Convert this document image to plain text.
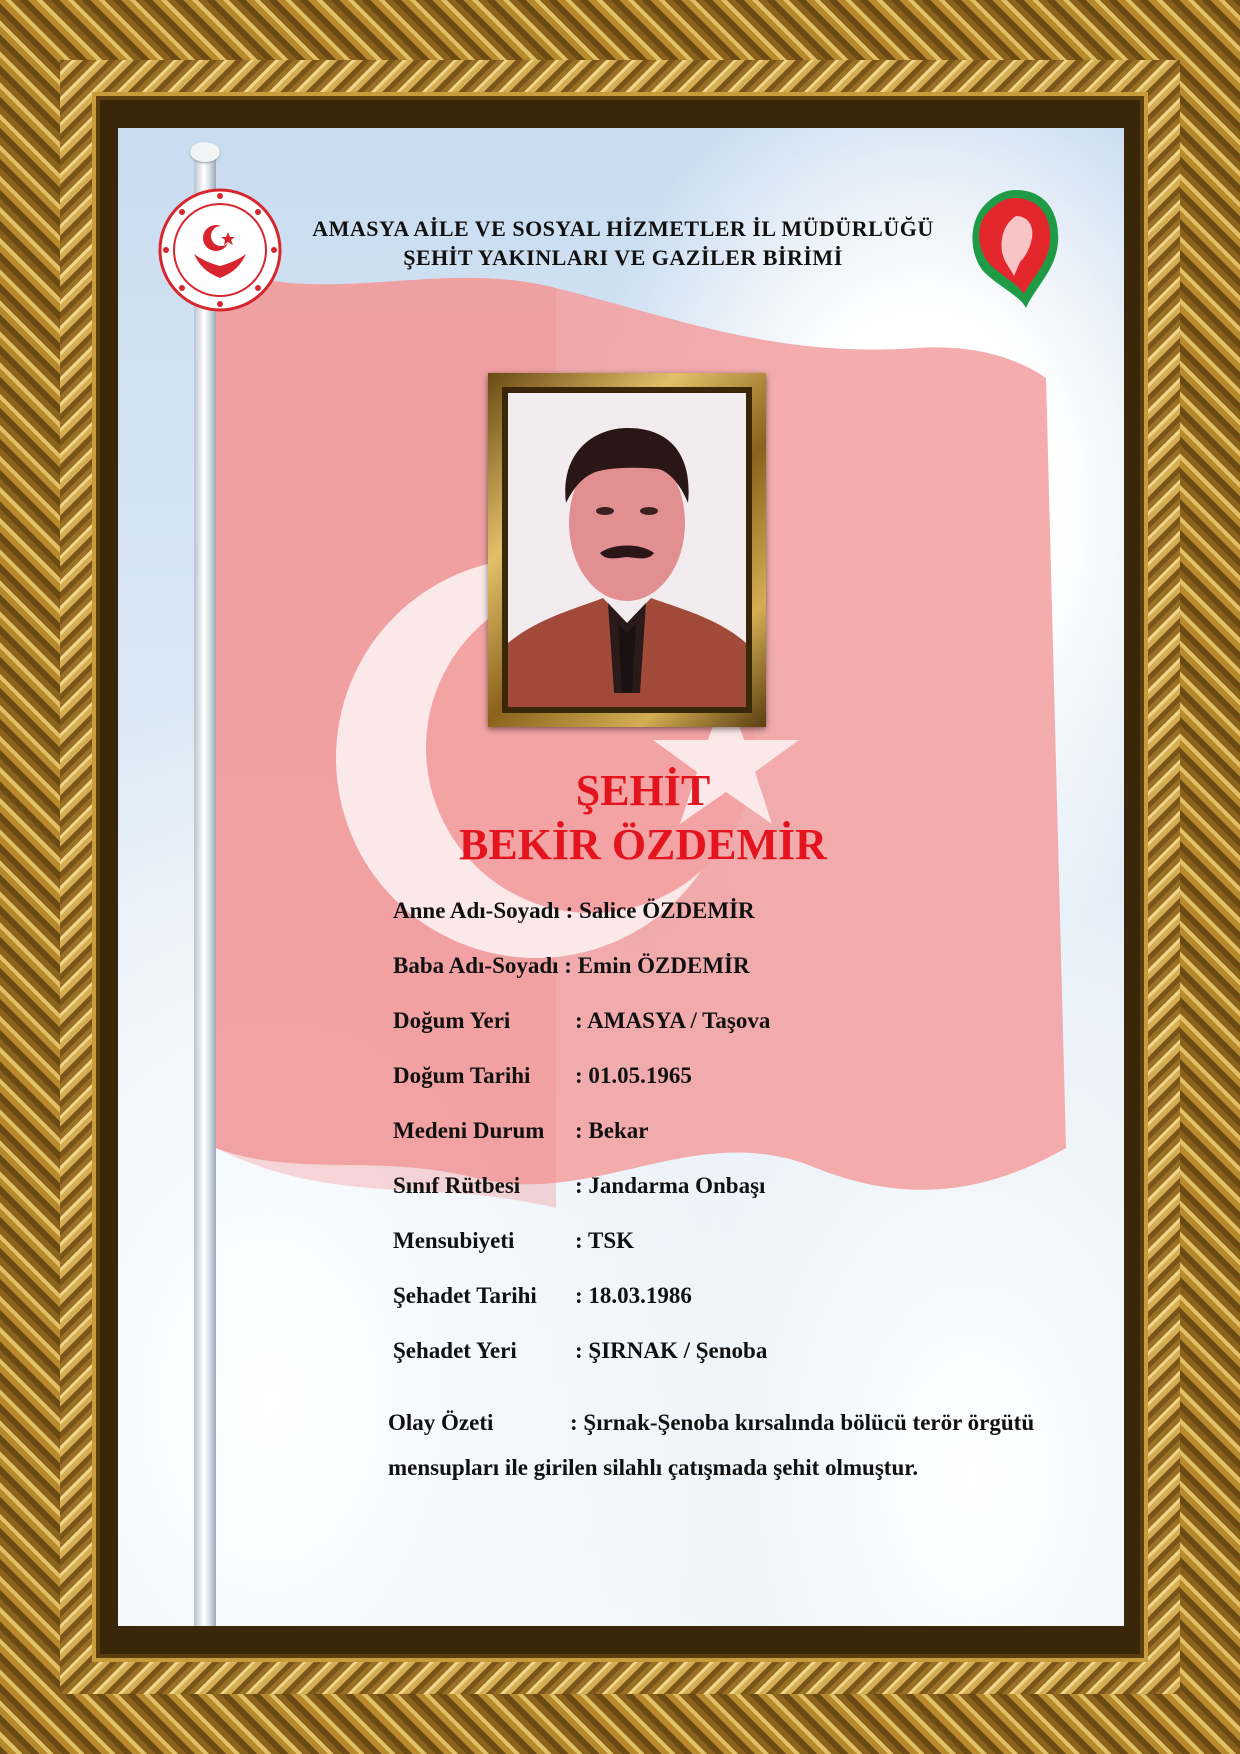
AMASYA AİLE VE SOSYAL HİZMETLER İL MÜDÜRLÜĞÜ
ŞEHİT YAKINLARI VE GAZİLER BİRİMİ
ŞEHİT
BEKİR ÖZDEMİR
Anne Adı-Soyadı : Salice ÖZDEMİR
Baba Adı-Soyadı : Emin ÖZDEMİR
Doğum Yeri	: AMASYA / Taşova
Doğum Tarihi : 01.05.1965
Medeni Durum : Bekar
Sınıf Rütbesi : Jandarma Onbaşı
Mensubiyeti	: TSK
Şehadet Tarihi : 18.03.1986
Şehadet Yeri	: ŞIRNAK / Şenoba
Olay Özeti	: Şırnak-Şenoba kırsalında bölücü terör örgütü
mensupları ile girilen silahlı çatışmada şehit olmuştur.
